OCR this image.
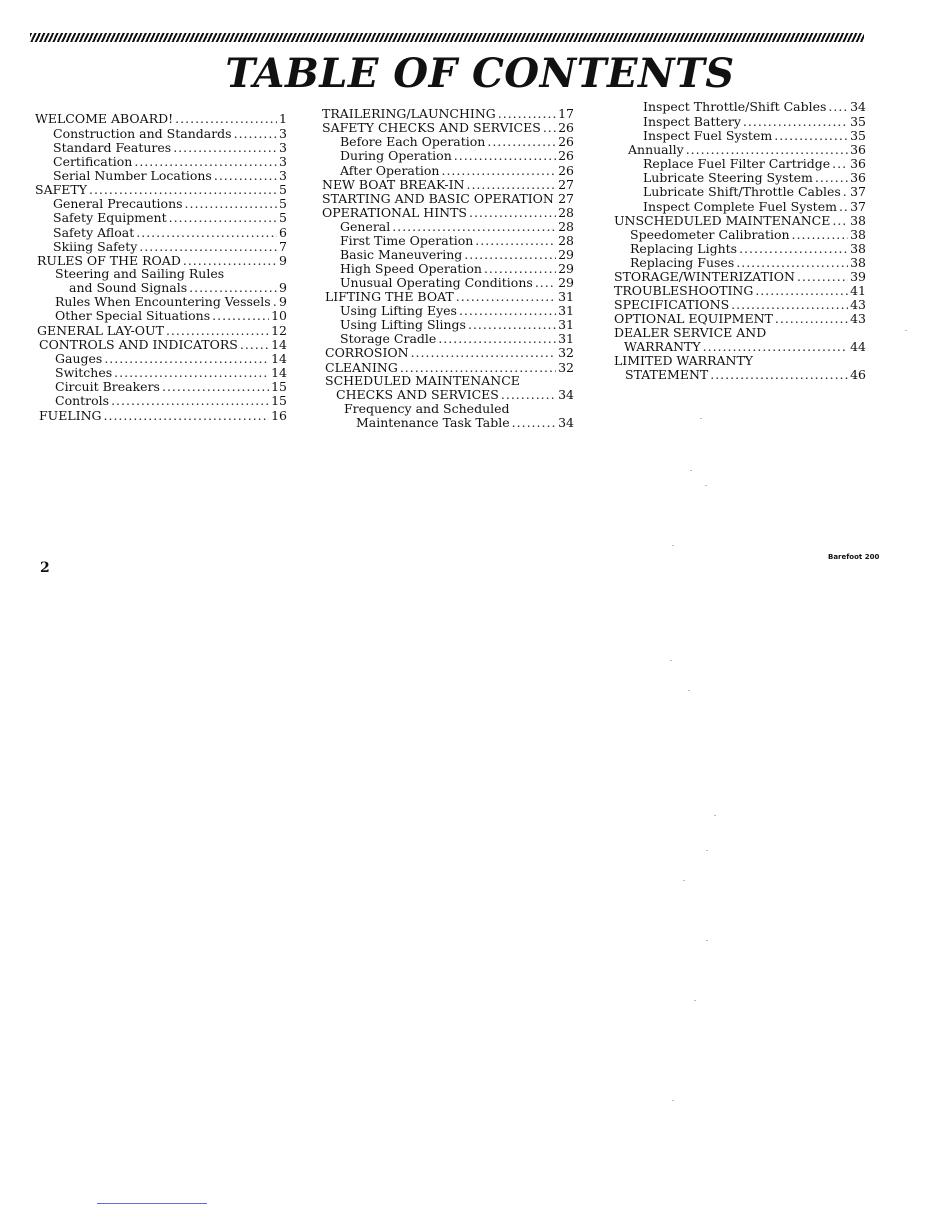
TABLE OF CONTENTS
WELCOME ABOARD! .....	1
Construction and Standards .....	3
Standard Features .....	3
Certification .....	3
Serial Number Locations .....	3
SAFETY .....	5
General Precautions .....	5
Safety Equipment .....	5
Safety Afloat .....	6
Skiing Safety .....	7
RULES OF THE ROAD .....	9
Steering and Sailing Rules
and Sound Signals .....	9
Rules When Encountering Vessels ..... 9
Other Special Situations .....	10
GENERAL LAY-OUT .....	12
CONTROLS AND INDICATORS .....	14
Gauges .....	14
Switches .....	14
Circuit Breakers .....	15
Controls .....	15
FUELING .....	16
TRAILERING/LAUNCHING .....	17
SAFETY CHECKS AND SERVICES ..... 26
Before Each Operation .....	26
During Operation .....	26
After Operation .....	26
NEW BOAT BREAK-IN .....	27
STARTING AND BASIC OPERATION ..... 27
OPERATIONAL HINTS .....	28
General .....	28
First Time Operation .....	28
Basic Maneuvering .....	29
High Speed Operation .....	29
Unusual Operating Conditions ..... 29
LIFTING THE BOAT .....	31
Using Lifting Eyes .....	31
Using Lifting Slings .....	31
Storage Cradle .....	31
CORROSION .....	32
CLEANING .....	32
SCHEDULED MAINTENANCE
CHECKS AND SERVICES .....	34
Frequency and Scheduled
Maintenance Task Table .....	34
Inspect Throttle/Shift Cables ..... 34
Inspect Battery .....	35
Inspect Fuel System .....	35
Annually .....	36
Replace Fuel Filter Cartridge ..... 36
Lubricate Steering System .....	36
Lubricate Shift/Throttle Cables ..... 37
Inspect Complete Fuel System ..... 37
UNSCHEDULED MAINTENANCE ..... 38
Speedometer Calibration .....	38
Replacing Lights .....	38
Replacing Fuses .....	38
STORAGE/WINTERIZATION .....	39
TROUBLESHOOTING .....	41
SPECIFICATIONS .....	43
OPTIONAL EQUIPMENT .....	43
DEALER SERVICE AND
WARRANTY .....	44
LIMITED WARRANTY
STATEMENT .....	46
2
Barefoot 200
